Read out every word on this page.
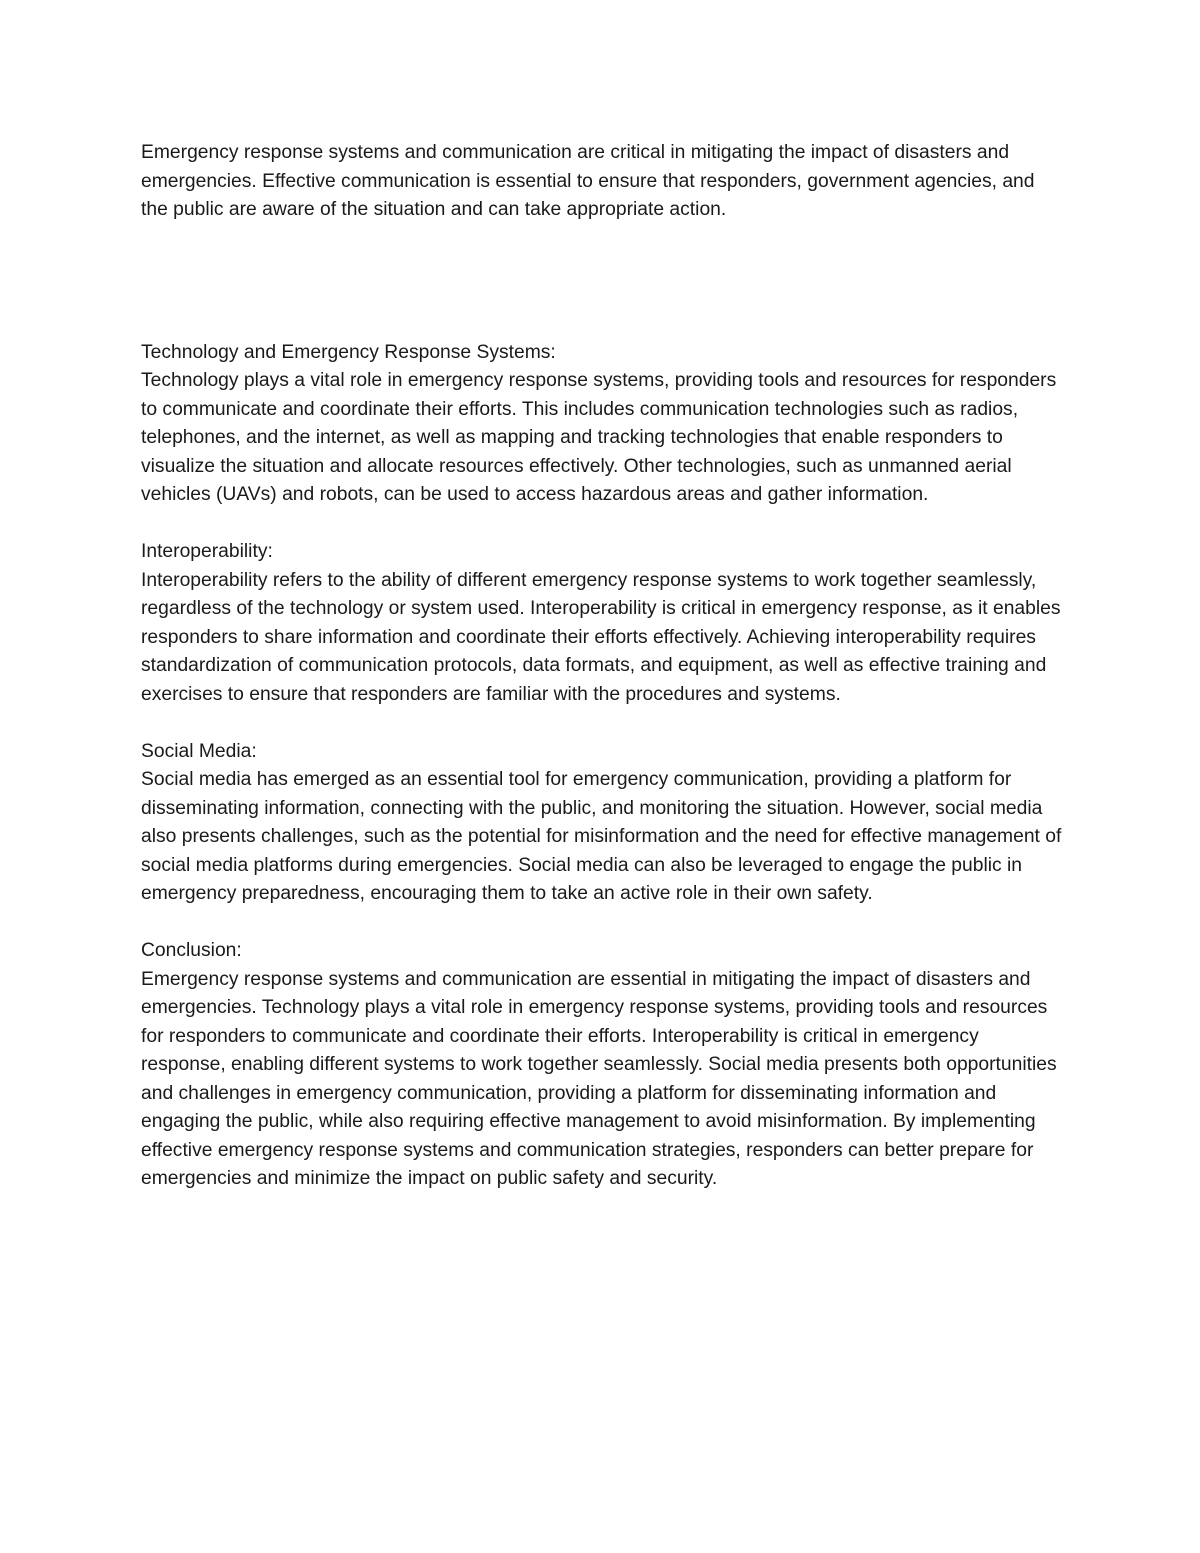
Emergency response systems and communication are critical in mitigating the impact of disasters and emergencies. Effective communication is essential to ensure that responders, government agencies, and the public are aware of the situation and can take appropriate action.

Technology and Emergency Response Systems:
Technology plays a vital role in emergency response systems, providing tools and resources for responders to communicate and coordinate their efforts. This includes communication technologies such as radios, telephones, and the internet, as well as mapping and tracking technologies that enable responders to visualize the situation and allocate resources effectively. Other technologies, such as unmanned aerial vehicles (UAVs) and robots, can be used to access hazardous areas and gather information.

Interoperability:
Interoperability refers to the ability of different emergency response systems to work together seamlessly, regardless of the technology or system used. Interoperability is critical in emergency response, as it enables responders to share information and coordinate their efforts effectively. Achieving interoperability requires standardization of communication protocols, data formats, and equipment, as well as effective training and exercises to ensure that responders are familiar with the procedures and systems.

Social Media:
Social media has emerged as an essential tool for emergency communication, providing a platform for disseminating information, connecting with the public, and monitoring the situation. However, social media also presents challenges, such as the potential for misinformation and the need for effective management of social media platforms during emergencies. Social media can also be leveraged to engage the public in emergency preparedness, encouraging them to take an active role in their own safety.

Conclusion:
Emergency response systems and communication are essential in mitigating the impact of disasters and emergencies. Technology plays a vital role in emergency response systems, providing tools and resources for responders to communicate and coordinate their efforts. Interoperability is critical in emergency response, enabling different systems to work together seamlessly. Social media presents both opportunities and challenges in emergency communication, providing a platform for disseminating information and engaging the public, while also requiring effective management to avoid misinformation. By implementing effective emergency response systems and communication strategies, responders can better prepare for emergencies and minimize the impact on public safety and security.
